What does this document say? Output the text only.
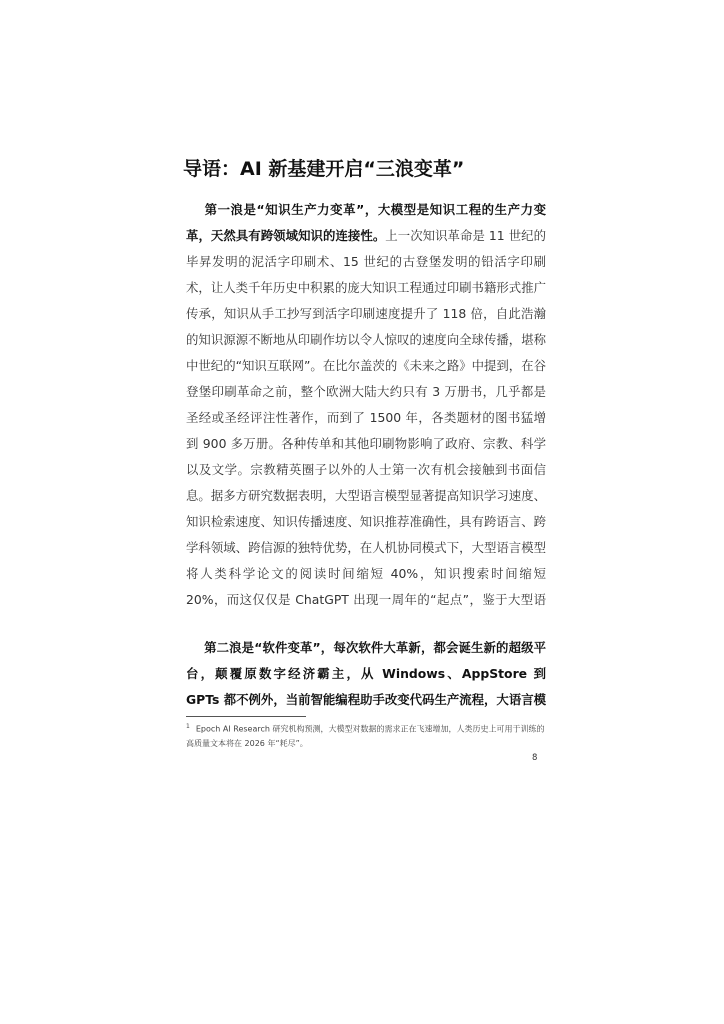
导语：AI 新基建开启“三浪变革”

第一浪是“知识生产力变革”，大模型是知识工程的生产力变革，天然具有跨领域知识的连接性。上一次知识革命是 11 世纪的毕昇发明的泥活字印刷术、15 世纪的古登堡发明的铅活字印刷术，让人类千年历史中积累的庞大知识工程通过印刷书籍形式推广传承，知识从手工抄写到活字印刷速度提升了 118 倍，自此浩瀚的知识源源不断地从印刷作坊以令人惊叹的速度向全球传播，堪称中世纪的“知识互联网”。在比尔盖茨的《未来之路》中提到，在谷登堡印刷革命之前，整个欧洲大陆大约只有 3 万册书，几乎都是圣经或圣经评注性著作，而到了 1500 年，各类题材的图书猛增到 900 多万册。各种传单和其他印刷物影响了政府、宗教、科学以及文学。宗教精英圈子以外的人士第一次有机会接触到书面信息。据多方研究数据表明，大型语言模型显著提高知识学习速度、知识检索速度、知识传播速度、知识推荐准确性，具有跨语言、跨学科领域、跨信源的独特优势，在人机协同模式下，大型语言模型将人类科学论文的阅读时间缩短 40%，知识搜索时间缩短 20%，而这仅仅是 ChatGPT 出现一周年的“起点”，鉴于大型语

第二浪是“软件变革”，每次软件大革新，都会诞生新的超级平台，颠覆原数字经济霸主，从 Windows、AppStore 到 GPTs 都不例外，当前智能编程助手改变代码生产流程，大语言模

$^1$ Epoch AI Research 研究机构预测，大模型对数据的需求正在飞速增加，人类历史上可用于训练的高质量文本将在 2026 年“耗尽”。

8
